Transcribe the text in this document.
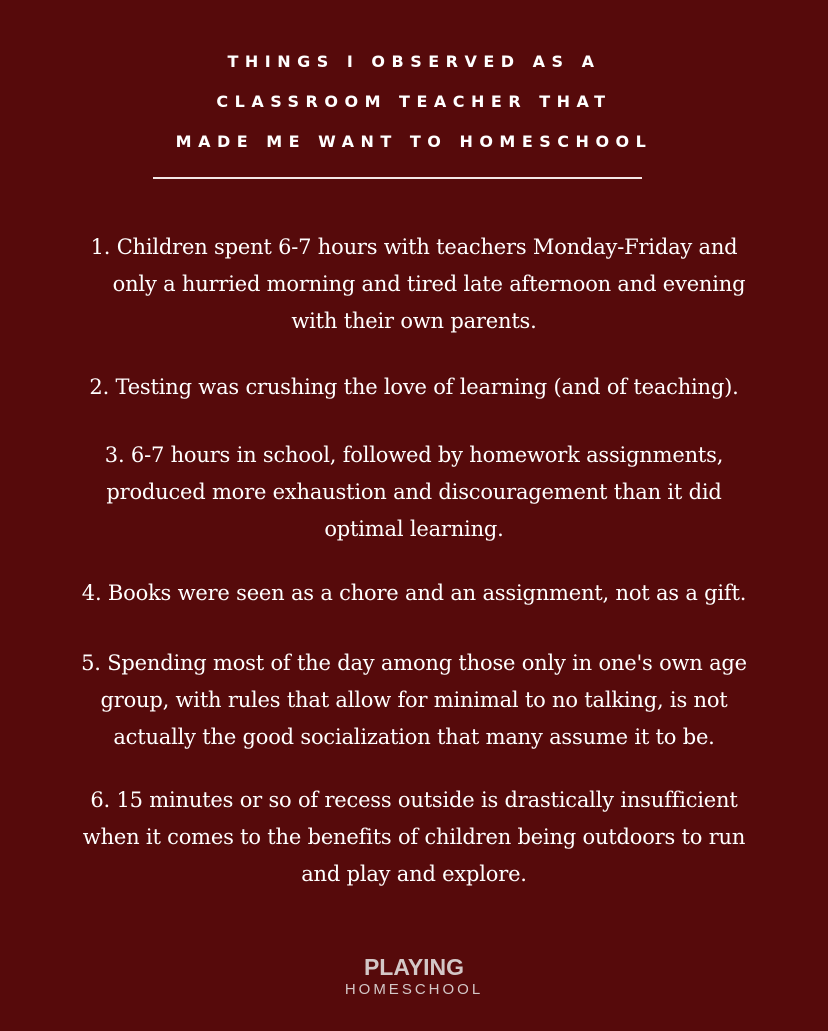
THINGS I OBSERVED AS A
CLASSROOM TEACHER THAT
MADE ME WANT TO HOMESCHOOL

1. Children spent 6-7 hours with teachers Monday-Friday and
only a hurried morning and tired late afternoon and evening
with their own parents.

2. Testing was crushing the love of learning (and of teaching).

3. 6-7 hours in school, followed by homework assignments,
produced more exhaustion and discouragement than it did
optimal learning.

4. Books were seen as a chore and an assignment, not as a gift.

5. Spending most of the day among those only in one's own age
group, with rules that allow for minimal to no talking, is not
actually the good socialization that many assume it to be.

6. 15 minutes or so of recess outside is drastically insufficient
when it comes to the benefits of children being outdoors to run
and play and explore.

PLAYING
HOMESCHOOL
